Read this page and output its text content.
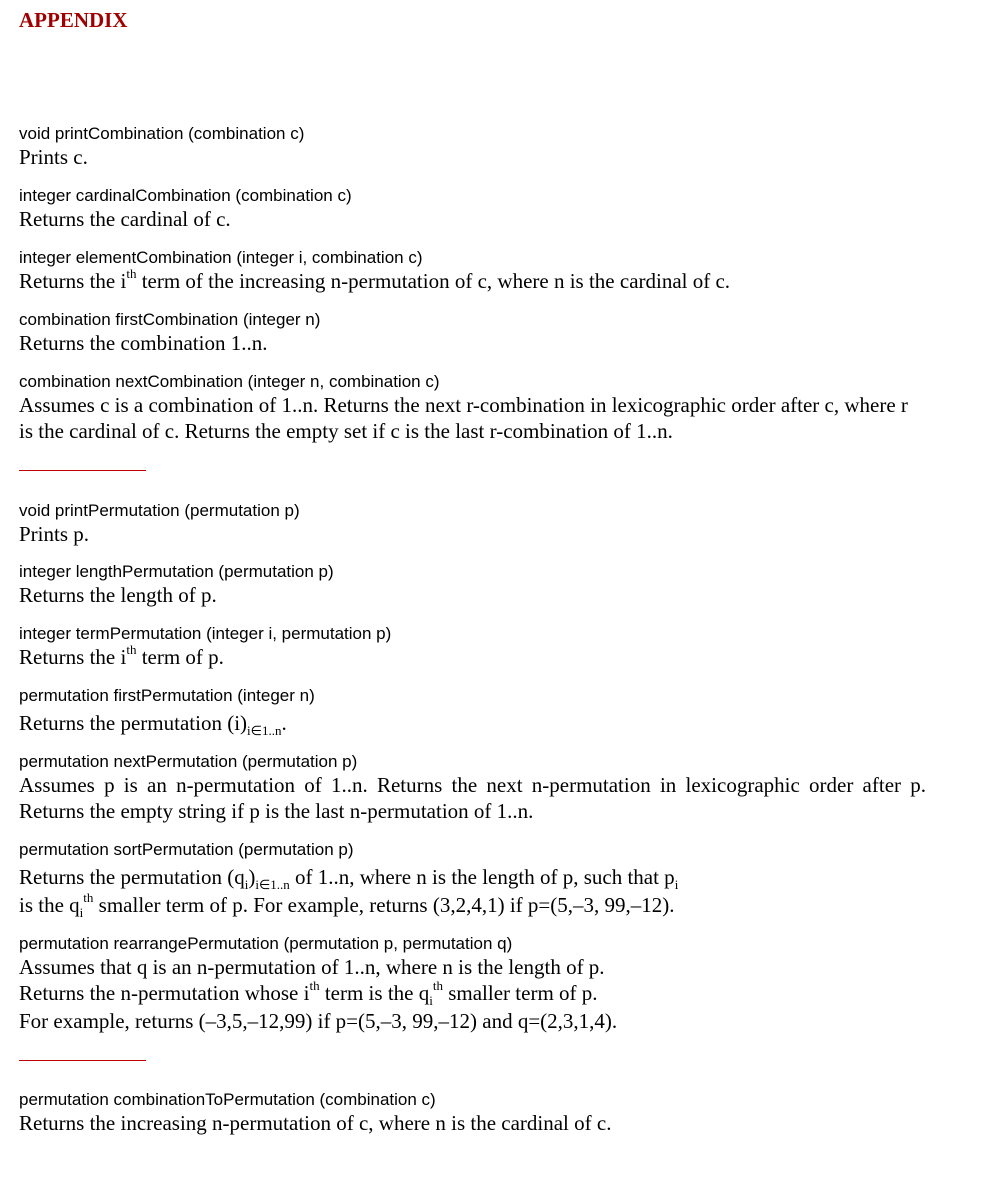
APPENDIX

void printCombination (combination c)

Prints c.

integer cardinalCombination (combination c)

Returns the cardinal of c.

integer elementCombination (integer i, combination c)

Returns the $i^{th}$ term of the increasing n-permutation of c, where n is the cardinal of c.

combination firstCombination (integer n)

Returns the combination 1..n.

combination nextCombination (integer n, combination c)

Assumes c is a combination of 1..n. Returns the next r-combination in lexicographic order after c, where r is the cardinal of c. Returns the empty set if c is the last r-combination of 1..n.

void printPermutation (permutation p)

Prints p.

integer lengthPermutation (permutation p)

Returns the length of p.

integer termPermutation (integer i, permutation p)

Returns the $i^{th}$ term of p.

permutation firstPermutation (integer n)

Returns the permutation $(i)_{i\in 1..n}$.

permutation nextPermutation (permutation p)

Assumes p is an n-permutation of 1..n. Returns the next n-permutation in lexicographic order after p. Returns the empty string if p is the last n-permutation of 1..n.

permutation sortPermutation (permutation p)

Returns the permutation $(q_i)_{i\in 1..n}$ of 1..n, where n is the length of p, such that $p_i$

is the $q_i^{th}$ smaller term of p. For example, returns (3,2,4,1) if p=(5,–3, 99,–12).

permutation rearrangePermutation (permutation p, permutation q)

Assumes that q is an n-permutation of 1..n, where n is the length of p.

Returns the n-permutation whose $i^{th}$ term is the $q_i^{th}$ smaller term of p.

For example, returns (–3,5,–12,99) if p=(5,–3, 99,–12) and q=(2,3,1,4).

permutation combinationToPermutation (combination c)

Returns the increasing n-permutation of c, where n is the cardinal of c.
